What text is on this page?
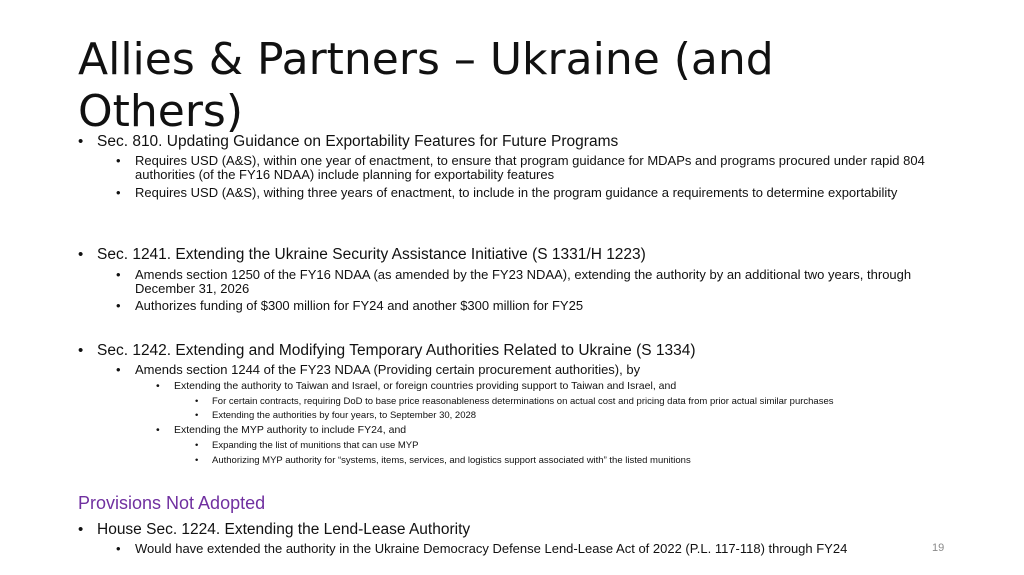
Allies & Partners – Ukraine (and Others)
• Sec. 810. Updating Guidance on Exportability Features for Future Programs
• Requires USD (A&S), within one year of enactment, to ensure that program guidance for MDAPs and programs procured under rapid 804 authorities (of the FY16 NDAA) include planning for exportability features
• Requires USD (A&S), withing three years of enactment, to include in the program guidance a requirements to determine exportability
• Sec. 1241. Extending the Ukraine Security Assistance Initiative (S 1331/H 1223)
• Amends section 1250 of the FY16 NDAA (as amended by the FY23 NDAA), extending the authority by an additional two years, through December 31, 2026
• Authorizes funding of $300 million for FY24 and another $300 million for FY25
• Sec. 1242. Extending and Modifying Temporary Authorities Related to Ukraine (S 1334)
• Amends section 1244 of the FY23 NDAA (Providing certain procurement authorities), by
• Extending the authority to Taiwan and Israel, or foreign countries providing support to Taiwan and Israel, and
• For certain contracts, requiring DoD to base price reasonableness determinations on actual cost and pricing data from prior actual similar purchases
• Extending the authorities by four years, to September 30, 2028
• Extending the MYP authority to include FY24, and
• Expanding the list of munitions that can use MYP
• Authorizing MYP authority for “systems, items, services, and logistics support associated with” the listed munitions
Provisions Not Adopted
• House Sec. 1224. Extending the Lend-Lease Authority
• Would have extended the authority in the Ukraine Democracy Defense Lend-Lease Act of 2022 (P.L. 117-118) through FY24	19
